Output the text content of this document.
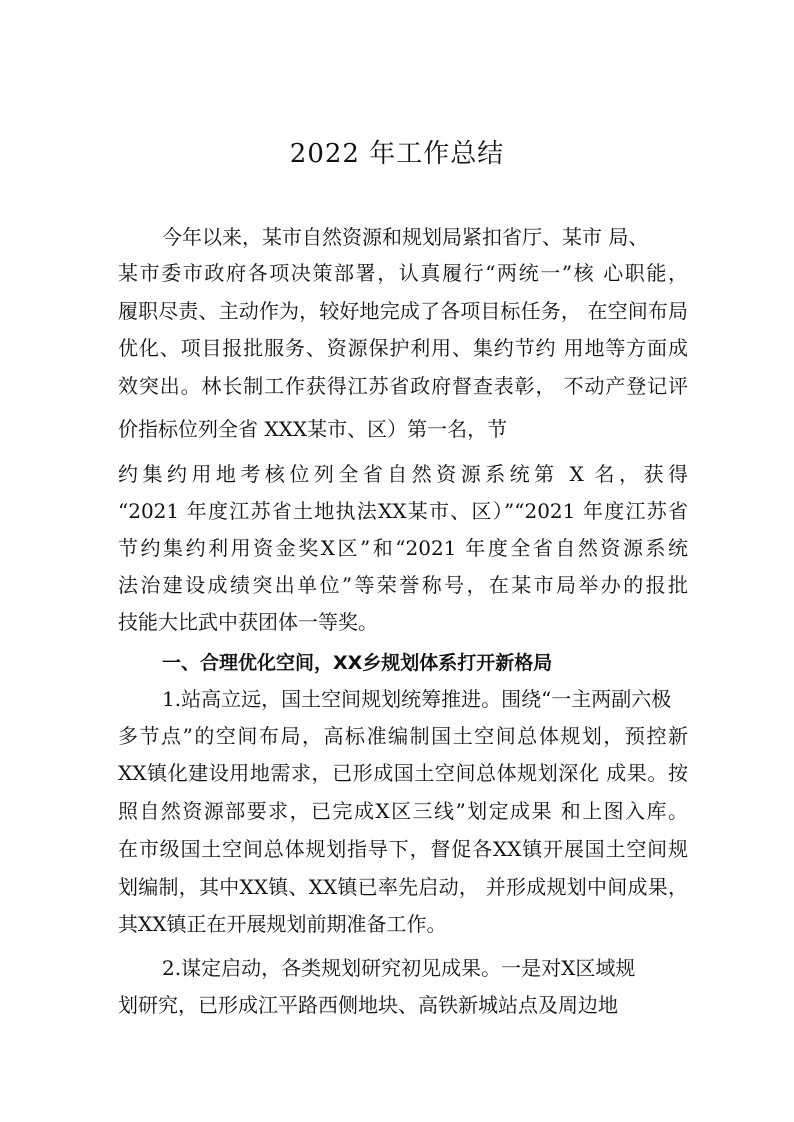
2022 年工作总结
今年以来，某市自然资源和规划局紧扣省厅、某市 局、
某市委市政府各项决策部署，认真履行“两统一”核 心职能，
履职尽责、主动作为，较好地完成了各项目标任务， 在空间布局
优化、项目报批服务、资源保护利用、集约节约 用地等方面成
效突出。林长制工作获得江苏省政府督查表彰， 不动产登记评
价指标位列全省 XXX某市、区）第一名，节
约集约用地考核位列全省自然资源系统第 X 名，获得
“2021 年度江苏省土地执法XX某市、区）”“2021 年度江苏省
节约集约利用资金奖X区”和“2021 年度全省自然资源系统
法治建设成绩突出单位”等荣誉称号，在某市局举办的报批
技能大比武中获团体一等奖。
一、合理优化空间，XX乡规划体系打开新格局
1.站高立远，国土空间规划统筹推进。围绕“一主两副六极
多节点”的空间布局，高标准编制国土空间总体规划，预控新
XX镇化建设用地需求，已形成国土空间总体规划深化 成果。按
照自然资源部要求，已完成X区三线”划定成果 和上图入库。
在市级国土空间总体规划指导下，督促各XX镇开展国土空间规
划编制，其中XX镇、XX镇已率先启动， 并形成规划中间成果，
其XX镇正在开展规划前期准备工作。
2.谋定启动，各类规划研究初见成果。一是对X区域规
划研究，已形成江平路西侧地块、高铁新城站点及周边地
